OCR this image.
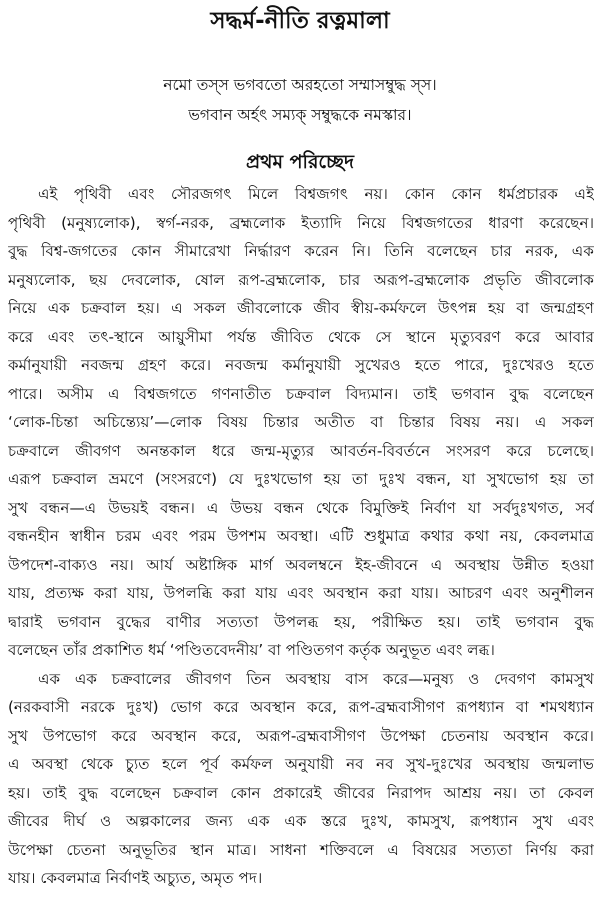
সদ্ধর্ম-নীতি রত্নমালা
নমো তস্‌স ভগবতো অরহতো সম্মাসম্বুদ্ধ স্‌স।
ভগবান অর্হৎ সম্যক্‌ সম্বুদ্ধকে নমস্কার।
প্রথম পরিচ্ছেদ
এই পৃথিবী এবং সৌরজগৎ মিলে বিশ্বজগৎ নয়। কোন কোন ধর্মপ্রচারক এই
পৃথিবী (মনুষ্যলোক), স্বর্গ-নরক, ব্রহ্মলোক ইত্যাদি নিয়ে বিশ্বজগতের ধারণা করেছেন।
বুদ্ধ বিশ্ব-জগতের কোন সীমারেখা নির্দ্ধারণ করেন নি। তিনি বলেছেন চার নরক, এক
মনুষ্যলোক, ছয় দেবলোক, ষোল রূপ-ব্রহ্মলোক, চার অরূপ-ব্রহ্মলোক প্রভৃতি জীবলোক
নিয়ে এক চক্রবাল হয়। এ সকল জীবলোকে জীব স্বীয়-কর্মফলে উৎপন্ন হয় বা জন্মগ্রহণ
করে এবং তৎ-স্থানে আয়ুসীমা পর্যন্ত জীবিত থেকে সে স্থানে মৃত্যুবরণ করে আবার
কর্মানুযায়ী নবজন্ম গ্রহণ করে। নবজন্ম কর্মানুযায়ী সুখেরও হতে পারে, দুঃখেরও হতে
পারে। অসীম এ বিশ্বজগতে গণনাতীত চক্রবাল বিদ্যমান। তাই ভগবান বুদ্ধ বলেছেন
‘লোক-চিন্তা অচিন্ত্যেয়’—লোক বিষয় চিন্তার অতীত বা চিন্তার বিষয় নয়। এ সকল
চক্রবালে জীবগণ অনন্তকাল ধরে জন্ম-মৃত্যুর আবর্তন-বিবর্তনে সংসরণ করে চলেছে।
এরূপ চক্রবাল ভ্রমণে (সংসরণে) যে দুঃখভোগ হয় তা দুঃখ বন্ধন, যা সুখভোগ হয় তা
সুখ বন্ধন—এ উভয়ই বন্ধন। এ উভয় বন্ধন থেকে বিমুক্তিই নির্বাণ যা সর্বদুঃখগত, সর্ব
বন্ধনহীন স্বাধীন চরম এবং পরম উপশম অবস্থা। এটি শুধুমাত্র কথার কথা নয়, কেবলমাত্র
উপদেশ-বাক্যও নয়। আর্য অষ্টাঙ্গিক মার্গ অবলম্বনে ইহ-জীবনে এ অবস্থায় উন্নীত হওয়া
যায়, প্রত্যক্ষ করা যায়, উপলব্ধি করা যায় এবং অবস্থান করা যায়। আচরণ এবং অনুশীলন
দ্বারাই ভগবান বুদ্ধের বাণীর সত্যতা উপলব্ধ হয়, পরীক্ষিত হয়। তাই ভগবান বুদ্ধ
বলেছেন তাঁর প্রকাশিত ধর্ম ‘পণ্ডিতবেদনীয়’ বা পণ্ডিতগণ কর্তৃক অনুভূত এবং লব্ধ।
এক এক চক্রবালের জীবগণ তিন অবস্থায় বাস করে—মনুষ্য ও দেবগণ কামসুখ
(নরকবাসী নরকে দুঃখ) ভোগ করে অবস্থান করে, রূপ-ব্রহ্মবাসীগণ রূপধ্যান বা শমথধ্যান
সুখ উপভোগ করে অবস্থান করে, অরূপ-ব্রহ্মবাসীগণ উপেক্ষা চেতনায় অবস্থান করে।
এ অবস্থা থেকে চ্যুত হলে পূর্ব কর্মফল অনুযায়ী নব নব সুখ-দুঃখের অবস্থায় জন্মলাভ
হয়। তাই বুদ্ধ বলেছেন চক্রবাল কোন প্রকারেই জীবের নিরাপদ আশ্রয় নয়। তা কেবল
জীবের দীর্ঘ ও অল্পকালের জন্য এক এক স্তরে দুঃখ, কামসুখ, রূপধ্যান সুখ এবং
উপেক্ষা চেতনা অনুভূতির স্থান মাত্র। সাধনা শক্তিবলে এ বিষয়ের সত্যতা নির্ণয় করা
যায়। কেবলমাত্র নির্বাণই অচ্যুত, অমৃত পদ।
